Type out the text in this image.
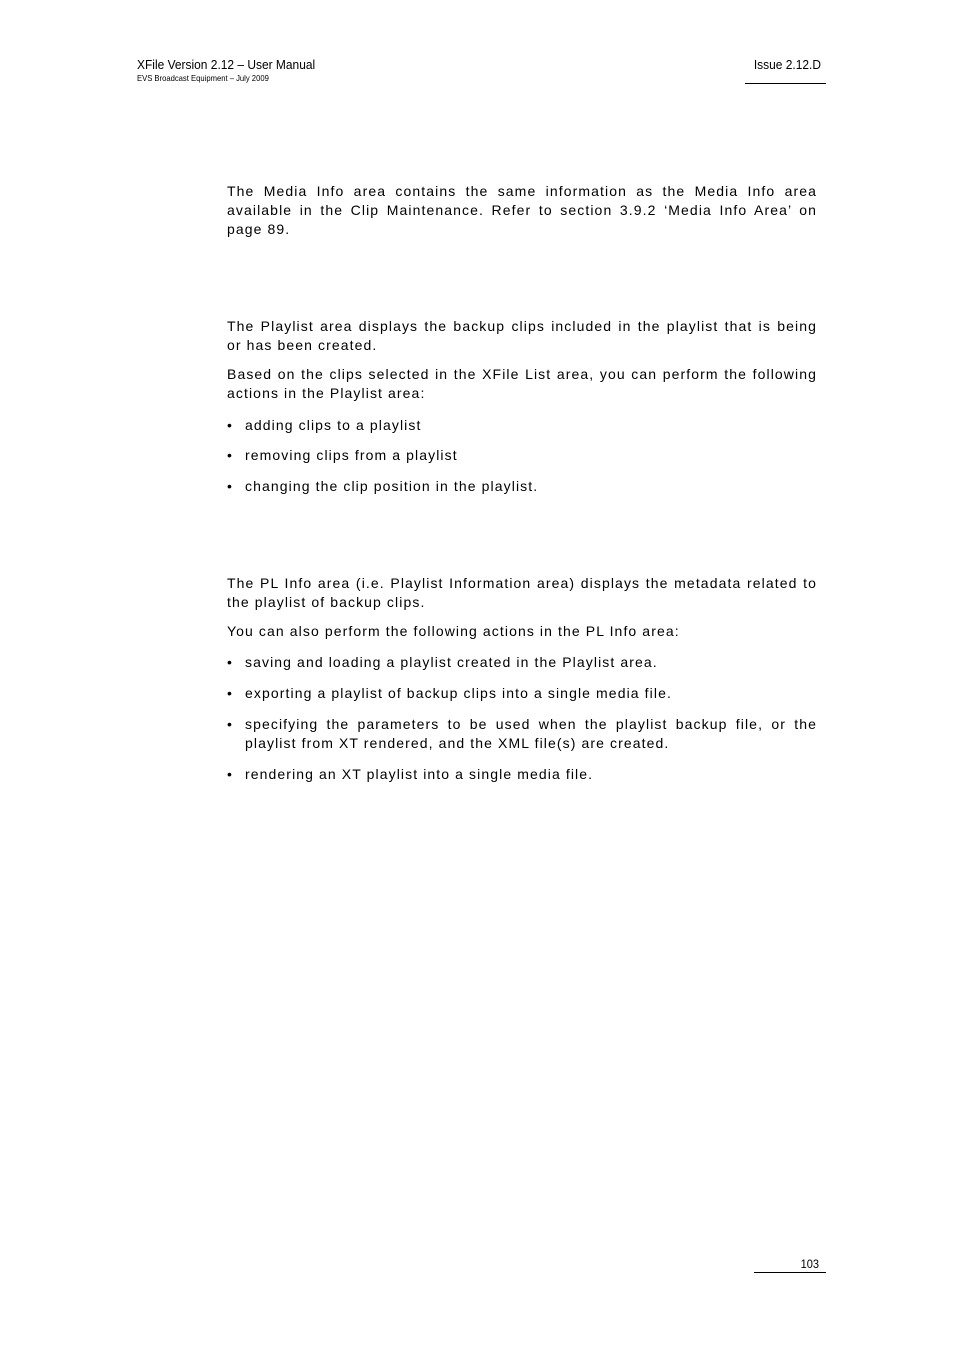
XFile Version 2.12 – User Manual
EVS Broadcast Equipment – July 2009
Issue 2.12.D

The Media Info area contains the same information as the Media Info area available in the Clip Maintenance. Refer to section 3.9.2 ‘Media Info Area’ on page 89.

The Playlist area displays the backup clips included in the playlist that is being or has been created.

Based on the clips selected in the XFile List area, you can perform the following actions in the Playlist area:

• adding clips to a playlist
• removing clips from a playlist
• changing the clip position in the playlist.

The PL Info area (i.e. Playlist Information area) displays the metadata related to the playlist of backup clips.

You can also perform the following actions in the PL Info area:

• saving and loading a playlist created in the Playlist area.
• exporting a playlist of backup clips into a single media file.
• specifying the parameters to be used when the playlist backup file, or the playlist from XT rendered, and the XML file(s) are created.
• rendering an XT playlist into a single media file.
103
